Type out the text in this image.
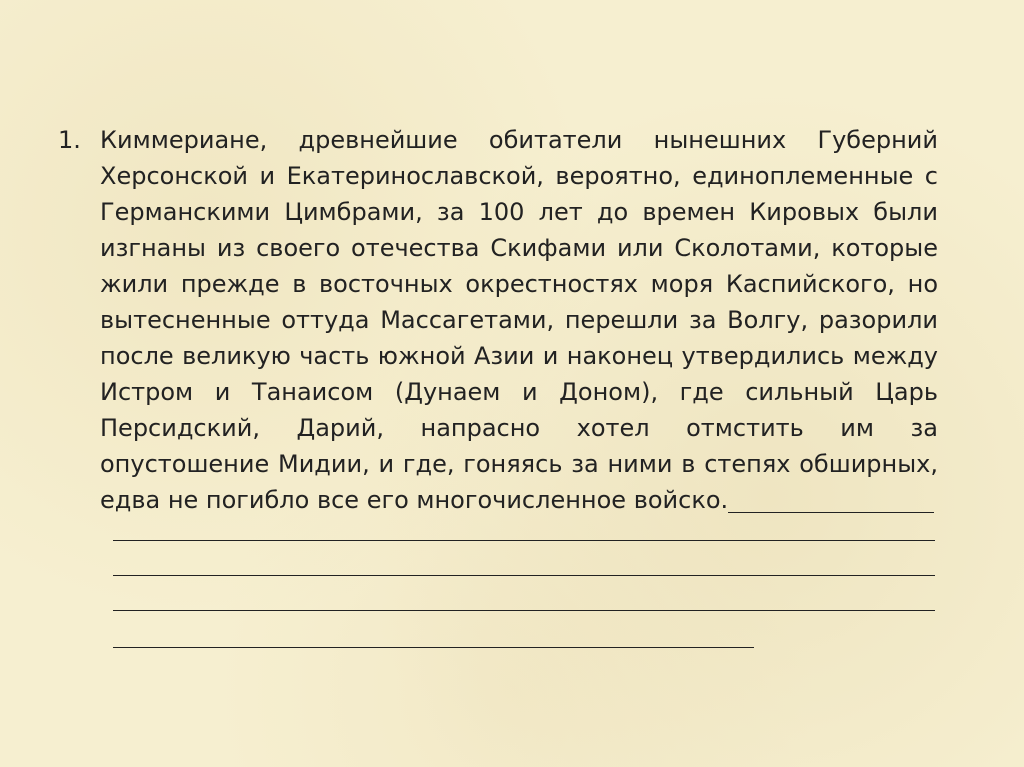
1. Киммериане, древнейшие обитатели нынешних Губерний Херсонской и Екатеринославской, вероятно, единоплеменные с Германскими Цимбрами, за 100 лет до времен Кировых были изгнаны из своего отечества Скифами или Сколотами, которые жили прежде в восточных окрестностях моря Каспийского, но вытесненные оттуда Массагетами, перешли за Волгу, разорили после великую часть южной Азии и наконец утвердились между Истром и Танаисом (Дунаем и Доном), где сильный Царь Персидский, Дарий, напрасно хотел отмстить им за опустошение Мидии, и где, гоняясь за ними в степях обширных, едва не погибло все его многочисленное войско.
